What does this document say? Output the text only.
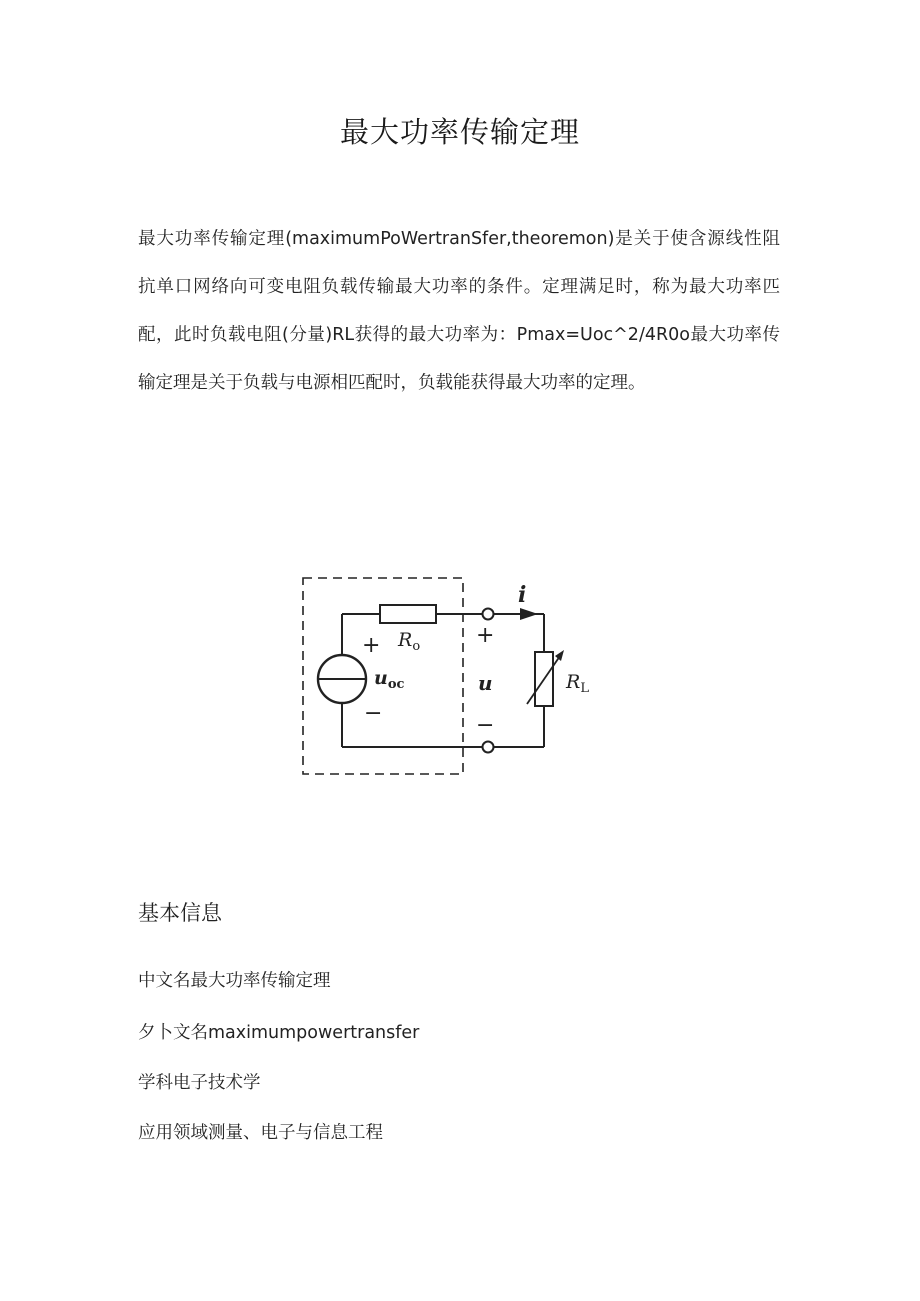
最大功率传输定理

最大功率传输定理(maximumPoWertranSfer,theoremon)是关于使含源线性阻抗单口网络向可变电阻负载传输最大功率的条件。定理满足时，称为最大功率匹配，此时负载电阻(分量)RL获得的最大功率为：Pmax=Uoc^2/4R0o最大功率传输定理是关于负载与电源相匹配时，负载能获得最大功率的定理。

i
$R_o$
+
−
$u_{oc}$
+
u
−
$R_L$
基本信息
中文名最大功率传输定理
夕卜文名maximumpowertransfer
学科电子技术学
应用领域测量、电子与信息工程
